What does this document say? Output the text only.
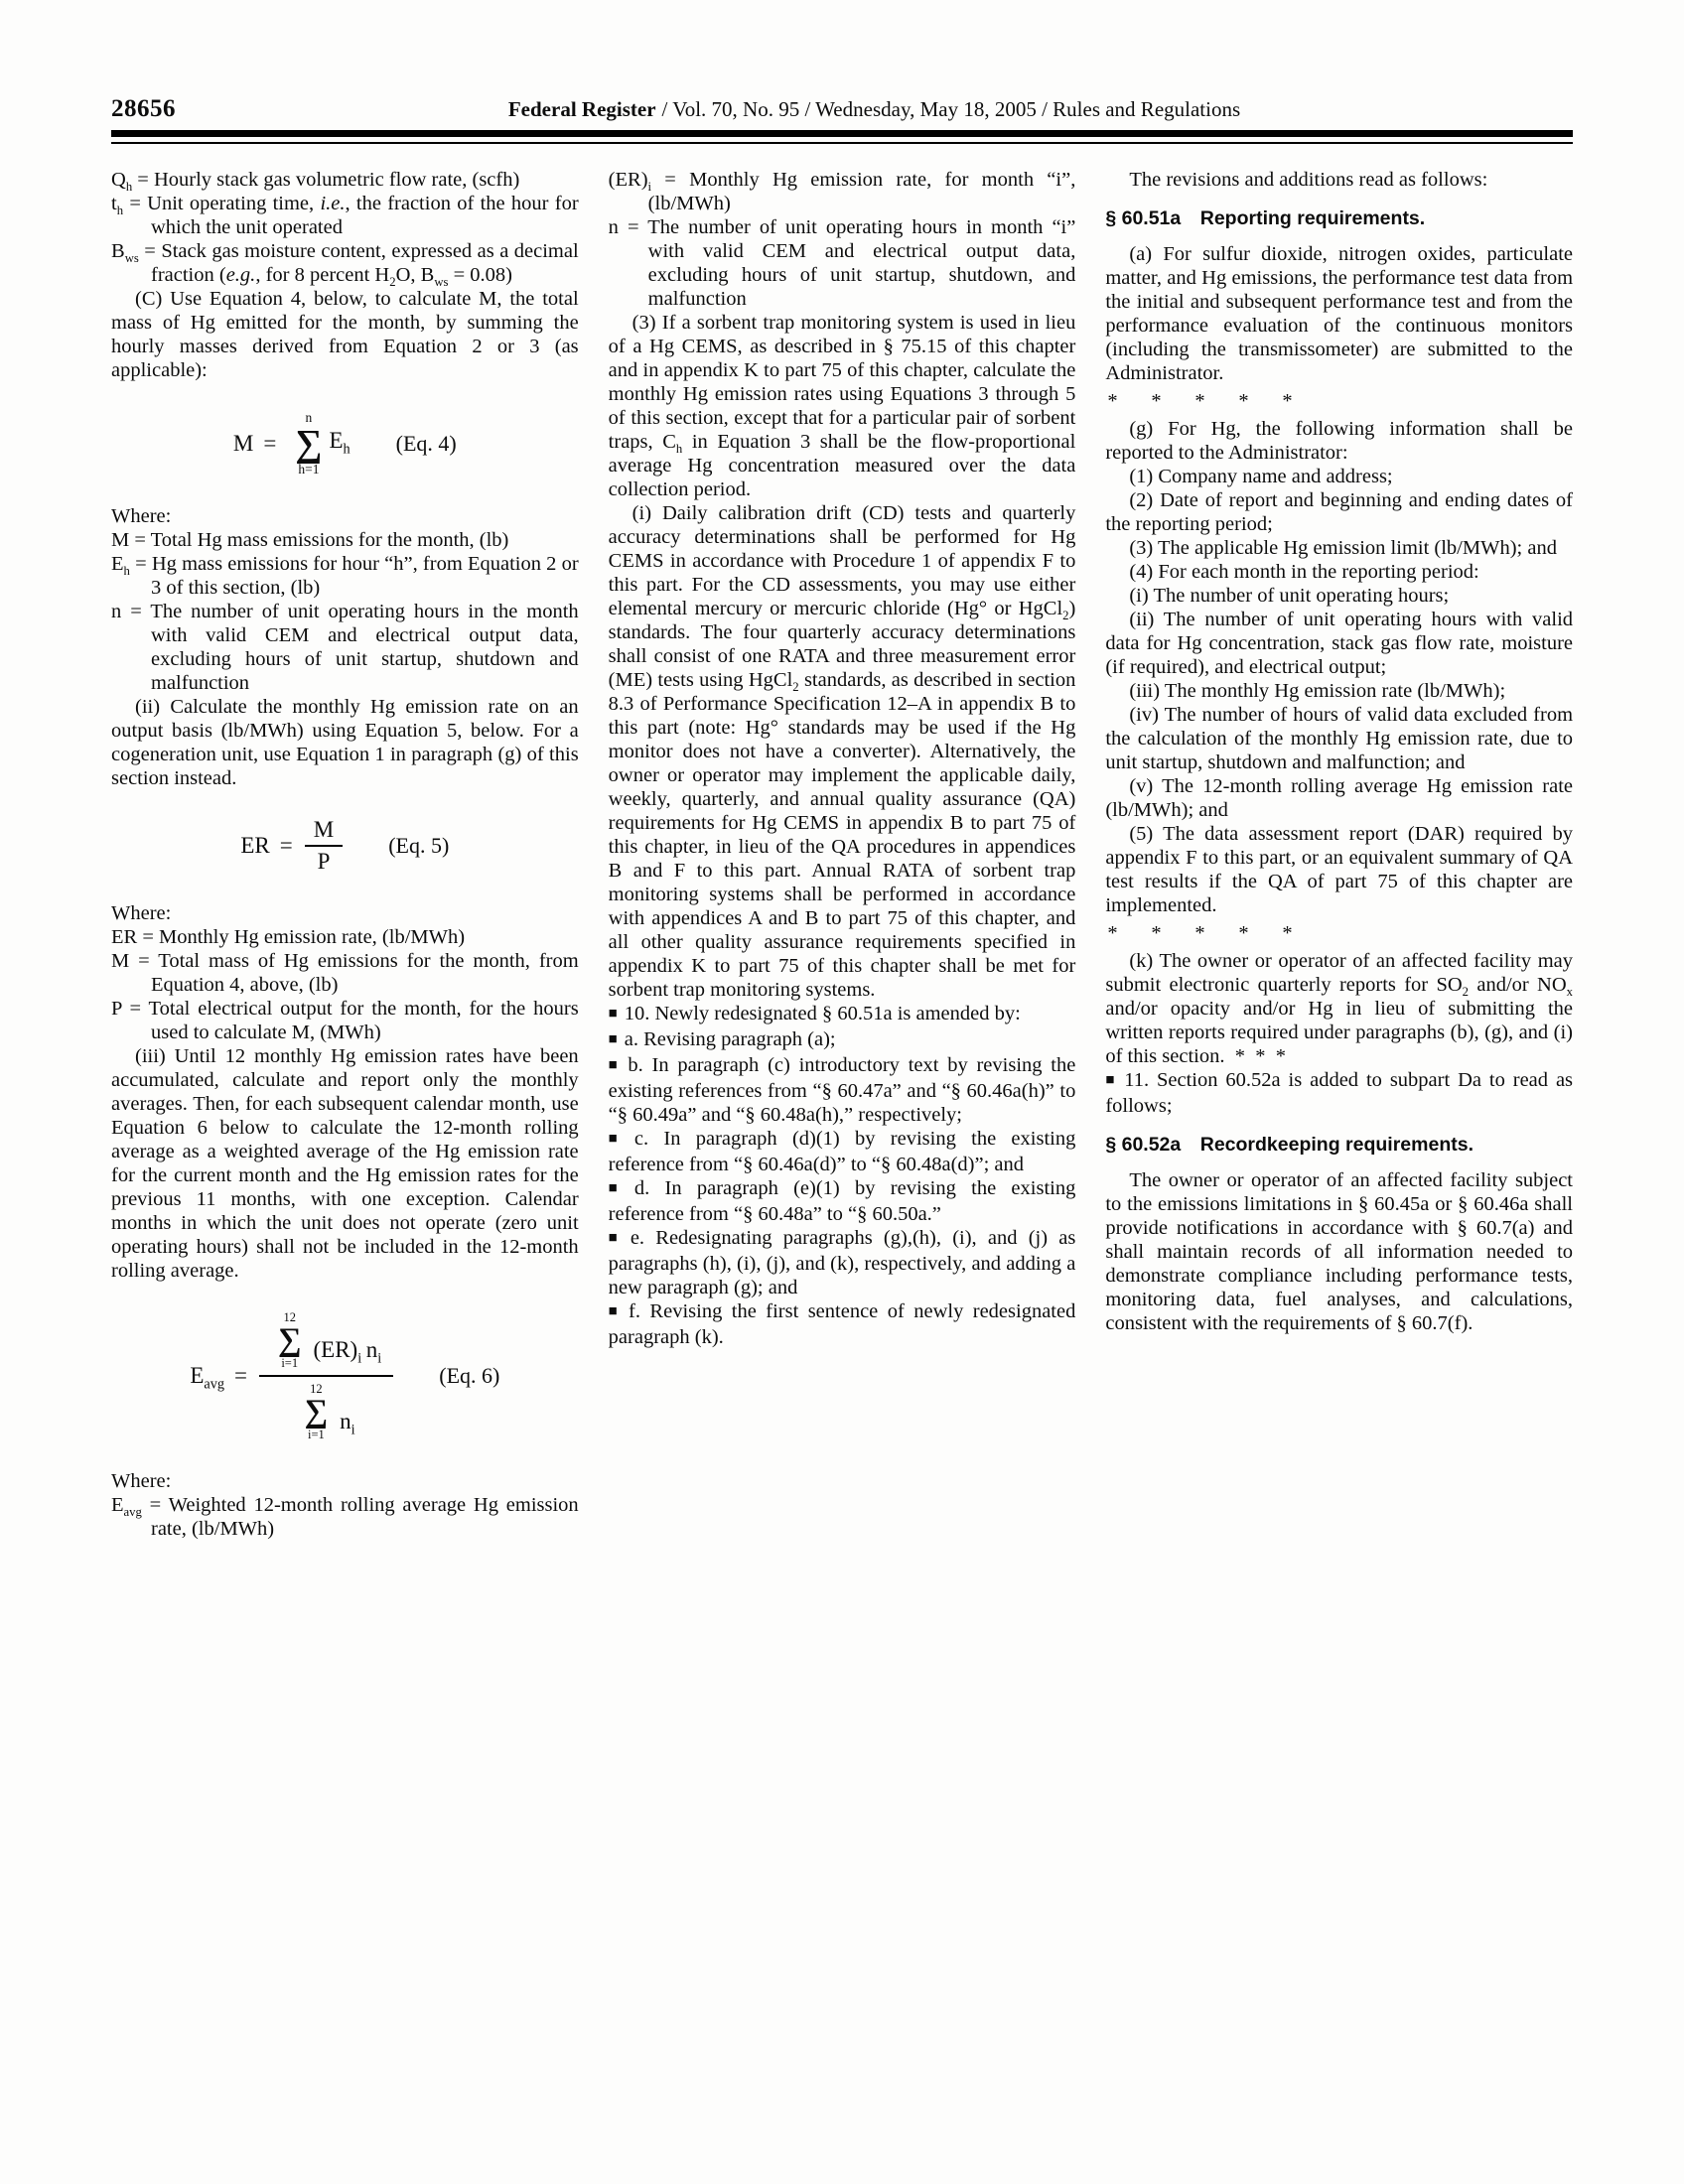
28656	Federal Register / Vol. 70, No. 95 / Wednesday, May 18, 2005 / Rules and Regulations

$Q_h$ = Hourly stack gas volumetric flow rate, (scfh)

$t_h$ = Unit operating time, i.e., the fraction of the hour for which the unit operated

$B_{ws}$ = Stack gas moisture content, expressed as a decimal fraction (e.g., for 8 percent $H_2O$, $B_{ws} = 0.08$)

(C) Use Equation 4, below, to calculate M, the total mass of Hg emitted for the month, by summing the hourly masses derived from Equation 2 or 3 (as applicable):

M =
n
∑
h=1
$E_h$ (Eq. 4)

Where:

M = Total Hg mass emissions for the month, (lb)

$E_h = Hg$ mass emissions for hour “h”, from Equation 2 or 3 of this section, (lb)

n = The number of unit operating hours in the month with valid CEM and electrical output data, excluding hours of unit startup, shutdown and malfunction

(ii) Calculate the monthly Hg emission rate on an output basis (lb/MWh) using Equation 5, below. For a cogeneration unit, use Equation 1 in paragraph (g) of this section instead.

ER = $\frac{M}{P} (Eq$. 5)

Where:

ER = Monthly Hg emission rate, (lb/MWh)

M = Total mass of Hg emissions for the month, from Equation 4, above, (lb)

P = Total electrical output for the month, for the hours used to calculate M, (MWh)

(iii) Until 12 monthly Hg emission rates have been accumulated, calculate and report only the monthly averages. Then, for each subsequent calendar month, use Equation 6 below to calculate the 12-month rolling average as a weighted average of the Hg emission rate for the current month and the Hg emission rates for the previous 11 months, with one exception. Calendar months in which the unit does not operate (zero unit operating hours) shall not be included in the 12-month rolling average.

$E_{avg}$ =
12
∑
i=1
$(ER)_i$ $n_i$
12
∑
i=1
$n_i$
(Eq. 6)

Where:

$E_{avg}$ = Weighted 12-month rolling average Hg emission rate, (lb/MWh)

$(ER)_i$ = Monthly Hg emission rate, for month “i”, (lb/MWh)

n = The number of unit operating hours in month “i” with valid CEM and electrical output data, excluding hours of unit startup, shutdown, and malfunction

(3) If a sorbent trap monitoring system is used in lieu of a Hg CEMS, as described in § 75.15 of this chapter and in appendix K to part 75 of this chapter, calculate the monthly Hg emission rates using Equations 3 through 5 of this section, except that for a particular pair of sorbent traps, $C_h$ in Equation 3 shall be the flow-proportional average Hg concentration measured over the data collection period.

(i) Daily calibration drift (CD) tests and quarterly accuracy determinations shall be performed for Hg CEMS in accordance with Procedure 1 of appendix F to this part. For the CD assessments, you may use either elemental mercury or mercuric chloride (Hg° or HgCl$_2$) standards. The four quarterly accuracy determinations shall consist of one RATA and three measurement error (ME) tests using HgCl$_2$ standards, as described in section 8.3 of Performance Specification 12–A in appendix B to this part (note: Hg° standards may be used if the Hg monitor does not have a converter). Alternatively, the owner or operator may implement the applicable daily, weekly, quarterly, and annual quality assurance (QA) requirements for Hg CEMS in appendix B to part 75 of this chapter, in lieu of the QA procedures in appendices B and F to this part. Annual RATA of sorbent trap monitoring systems shall be performed in accordance with appendices A and B to part 75 of this chapter, and all other quality assurance requirements specified in appendix K to part 75 of this chapter shall be met for sorbent trap monitoring systems.

■ 10. Newly redesignated § 60.51a is amended by:

■ a. Revising paragraph (a);

■ b. In paragraph (c) introductory text by revising the existing references from “§ 60.47a” and “§ 60.46a(h)” to “§ 60.49a” and “§ 60.48a(h),” respectively;

■ c. In paragraph (d)(1) by revising the existing reference from “§ 60.46a(d)” to “§ 60.48a(d)”; and

■ d. In paragraph (e)(1) by revising the existing reference from “§ 60.48a” to “§ 60.50a.”

■ e. Redesignating paragraphs (g),(h), (i), and (j) as paragraphs (h), (i), (j), and (k), respectively, and adding a new paragraph (g); and

■ f. Revising the first sentence of newly redesignated paragraph (k).

The revisions and additions read as follows:

§ 60.51a Reporting requirements.

(a) For sulfur dioxide, nitrogen oxides, particulate matter, and Hg emissions, the performance test data from the initial and subsequent performance test and from the performance evaluation of the continuous monitors (including the transmissometer) are submitted to the Administrator.

*  *  *  *  *

(g) For Hg, the following information shall be reported to the Administrator:

(1) Company name and address;

(2) Date of report and beginning and ending dates of the reporting period;

(3) The applicable Hg emission limit (lb/MWh); and

(4) For each month in the reporting period:

(i) The number of unit operating hours;

(ii) The number of unit operating hours with valid data for Hg concentration, stack gas flow rate, moisture (if required), and electrical output;

(iii) The monthly Hg emission rate (lb/MWh);

(iv) The number of hours of valid data excluded from the calculation of the monthly Hg emission rate, due to unit startup, shutdown and malfunction; and

(v) The 12-month rolling average Hg emission rate (lb/MWh); and

(5) The data assessment report (DAR) required by appendix F to this part, or an equivalent summary of QA test results if the QA of part 75 of this chapter are implemented.

*  *  *  *  *

(k) The owner or operator of an affected facility may submit electronic quarterly reports for $SO_2$ and/or $NO_x$ and/or opacity and/or Hg in lieu of submitting the written reports required under paragraphs (b), (g), and (i) of this section. * * *

■ 11. Section 60.52a is added to subpart Da to read as follows;

§ 60.52a Recordkeeping requirements.

The owner or operator of an affected facility subject to the emissions limitations in § 60.45a or § 60.46a shall provide notifications in accordance with § 60.7(a) and shall maintain records of all information needed to demonstrate compliance including performance tests, monitoring data, fuel analyses, and calculations, consistent with the requirements of § 60.7(f).
